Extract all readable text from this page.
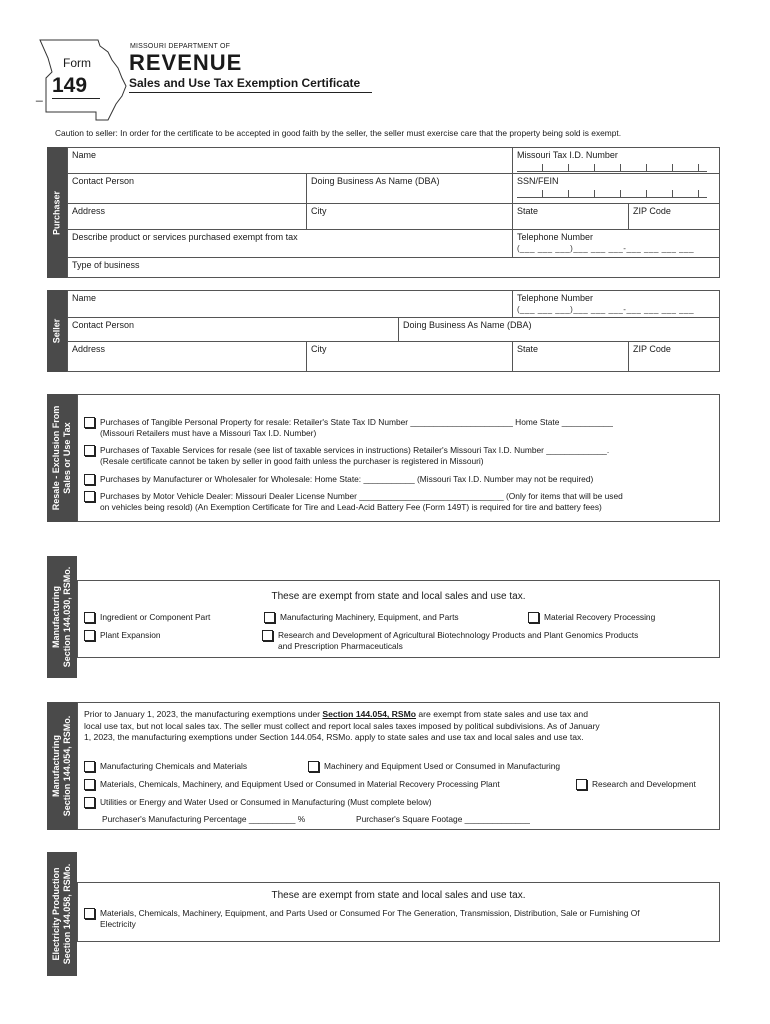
Form
149
_
MISSOURI DEPARTMENT OF
REVENUE
Sales and Use Tax Exemption Certificate
Caution to seller: In order for the certificate to be accepted in good faith by the seller, the seller must exercise care that the property being sold is exempt.
Purchaser
Name	Missouri Tax I.D. Number
Contact Person	Doing Business As Name (DBA)	SSN/FEIN
Address	City	State	ZIP Code
Describe product or services purchased exempt from tax	Telephone Number
(___ ___ ___)___ ___ ___-___ ___ ___ ___
Type of business
Seller
Name	Telephone Number
(___ ___ ___)___ ___ ___-___ ___ ___ ___
Contact Person	Doing Business As Name (DBA)
Address	City	State	ZIP Code
Resale - Exclusion From Sales or Use Tax
Purchases of Tangible Personal Property for resale: Retailer's State Tax ID Number ______________________ Home State ___________
(Missouri Retailers must have a Missouri Tax I.D. Number)
Purchases of Taxable Services for resale (see list of taxable services in instructions) Retailer's Missouri Tax I.D. Number _____________.
(Resale certificate cannot be taken by seller in good faith unless the purchaser is registered in Missouri)
Purchases by Manufacturer or Wholesaler for Wholesale: Home State: ___________ (Missouri Tax I.D. Number may not be required)
Purchases by Motor Vehicle Dealer: Missouri Dealer License Number _______________________________ (Only for items that will be used
on vehicles being resold) (An Exemption Certificate for Tire and Lead-Acid Battery Fee (Form 149T) is required for tire and battery fees)
Manufacturing Section 144.030, RSMo.	These are exempt from state and local sales and use tax.
Ingredient or Component Part	Manufacturing Machinery, Equipment, and Parts	Material Recovery Processing
Plant Expansion	Research and Development of Agricultural Biotechnology Products and Plant Genomics Products
and Prescription Pharmaceuticals
Manufacturing Section 144.054, RSMo.
Prior to January 1, 2023, the manufacturing exemptions under Section 144.054, RSMo are exempt from state sales and use tax and
local use tax, but not local sales tax. The seller must collect and report local sales taxes imposed by political subdivisions. As of January
1, 2023, the manufacturing exemptions under Section 144.054, RSMo. apply to state sales and use tax and local sales and use tax.
Manufacturing Chemicals and Materials	Machinery and Equipment Used or Consumed in Manufacturing
Materials, Chemicals, Machinery, and Equipment Used or Consumed in Material Recovery Processing Plant	Research and Development
Utilities or Energy and Water Used or Consumed in Manufacturing (Must complete below)
Purchaser's Manufacturing Percentage __________ %	Purchaser's Square Footage ______________
Electricity Production Section 144.058, RSMo.	These are exempt from state and local sales and use tax.
Materials, Chemicals, Machinery, Equipment, and Parts Used or Consumed For The Generation, Transmission, Distribution, Sale or Furnishing Of
Electricity
